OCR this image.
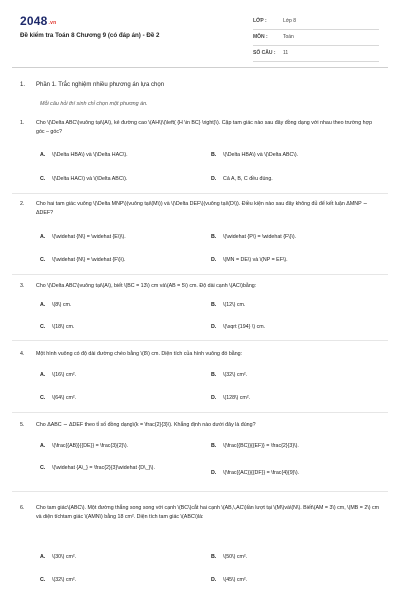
2048.vn
Đề kiểm tra Toán 8 Chương 9 (có đáp án) - Đề 2
LỚP :	Lớp 8
MÔN :	Toán
SỐ CÂU : 11
1. Phần 1. Trắc nghiệm nhiều phương án lựa chọn
Mỗi câu hỏi thí sinh chỉ chọn một phương án.
1. Cho \(\Delta ABC\)vuông tại\(A\), kẻ đường cao \(AH\)\(\left( {H \in BC} \right)\). Cặp tam giác nào sau đây đồng dạng với nhau theo trường hợp góc – góc?
A. \(\Delta HBA\) và \(\Delta HAC\).	B. \(\Delta HBA\) và \(\Delta ABC\).
C. \(\Delta HAC\) và \(\Delta ABC\).	D. Cả A, B, C đều đúng.
2. Cho hai tam giác vuông \(\Delta MNP\)(vuông tại\(M\)) và \(\Delta DEF\)(vuông tại\(D\)). Điều kiện nào sau đây không đủ để kết luận ΔMNP ∽ ΔDEF?
A. \(\widehat {N\} = \widehat {E\}\).	B. \(\widehat {P\} = \widehat {F\}\).
C. \(\widehat {N\} = \widehat {F\}\).	D. \(MN = DE\) và \(NP = EF\).
3. Cho \(\Delta ABC\)vuông tại\(A\), biết \(BC = 13\) cm và\(AB = 5\) cm. Độ dài cạnh \(AC\)bằng:
A. \(8\) cm.	B. \(12\) cm.
C. \(18\) cm.	D. \(\sqrt {194} \) cm.
4. Một hình vuông có độ dài đường chéo bằng \(8\) cm. Diện tích của hình vuông đó bằng:
A. \(16\) cm².	B. \(32\) cm².
C. \(64\) cm².	D. \(128\) cm².
5. Cho ΔABC ∽ ΔDEF theo tỉ số đồng dạng\(k = \frac{2}{3}\). Khẳng định nào dưới đây là đúng?
A. \(\frac{{AB}}{{DE}} = \frac{3}{2}\).	B. \(\frac{{BC}}{{EF}} = \frac{2}{3}\).
C. \(\widehat {A\_} = \frac{2}{3}\widehat {D\_}\).
D. \(\frac{{AC}}{{DF}} = \frac{4}{9}\).
6. Cho tam giác\(ABC\). Một đường thẳng song song với cạnh \(BC\)cắt hai cạnh \(AB,\,AC\)lần lượt tại \(M\)và\(N\). Biết\(AM = 3\) cm, \(MB = 2\) cm và diện tíchtam giác \(AMN\) bằng 18 cm². Diện tích tam giác \(ABC\)là:
A. \(30\) cm².	B. \(50\) cm².
C. \(32\) cm².	D. \(45\) cm².
